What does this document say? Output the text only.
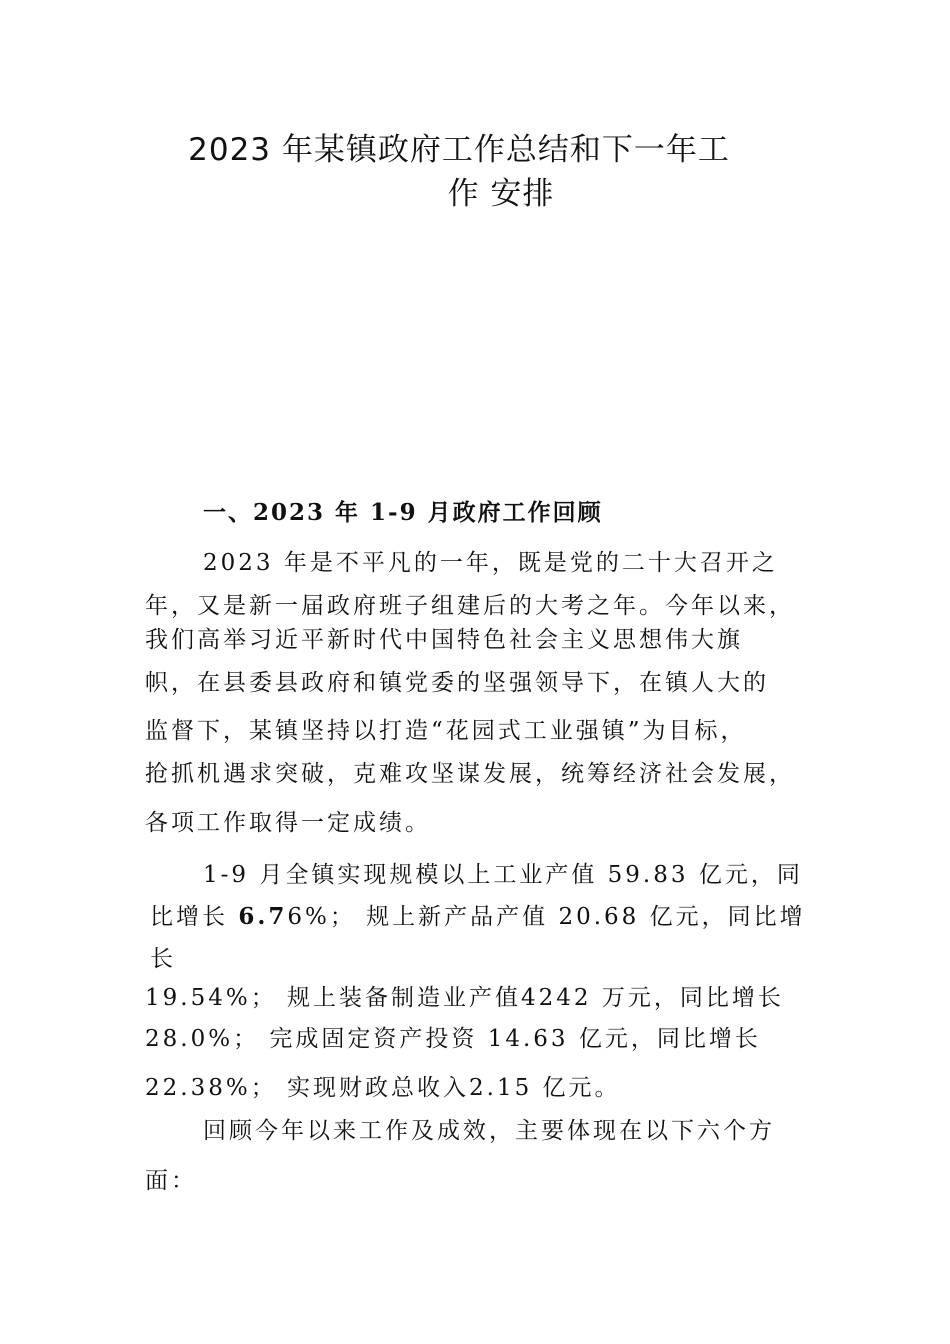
2023 年某镇政府工作总结和下一年工
作 安排

一、2023 年 1-9 月政府工作回顾

2023 年是不平凡的一年，既是党的二十大召开之

年，又是新一届政府班子组建后的大考之年。今年以来，

我们高举习近平新时代中国特色社会主义思想伟大旗

帜，在县委县政府和镇党委的坚强领导下，在镇人大的

监督下，某镇坚持以打造“花园式工业强镇”为目标，

抢抓机遇求突破，克难攻坚谋发展，统筹经济社会发展，

各项工作取得一定成绩。

1-9 月全镇实现规模以上工业产值 59.83 亿元，同

比增长 6.76%； 规上新产品产值 20.68 亿元，同比增

长

19.54%； 规上装备制造业产值4242 万元，同比增长

28.0%； 完成固定资产投资 14.63 亿元，同比增长

22.38%； 实现财政总收入2.15 亿元。

回顾今年以来工作及成效，主要体现在以下六个方

面：
